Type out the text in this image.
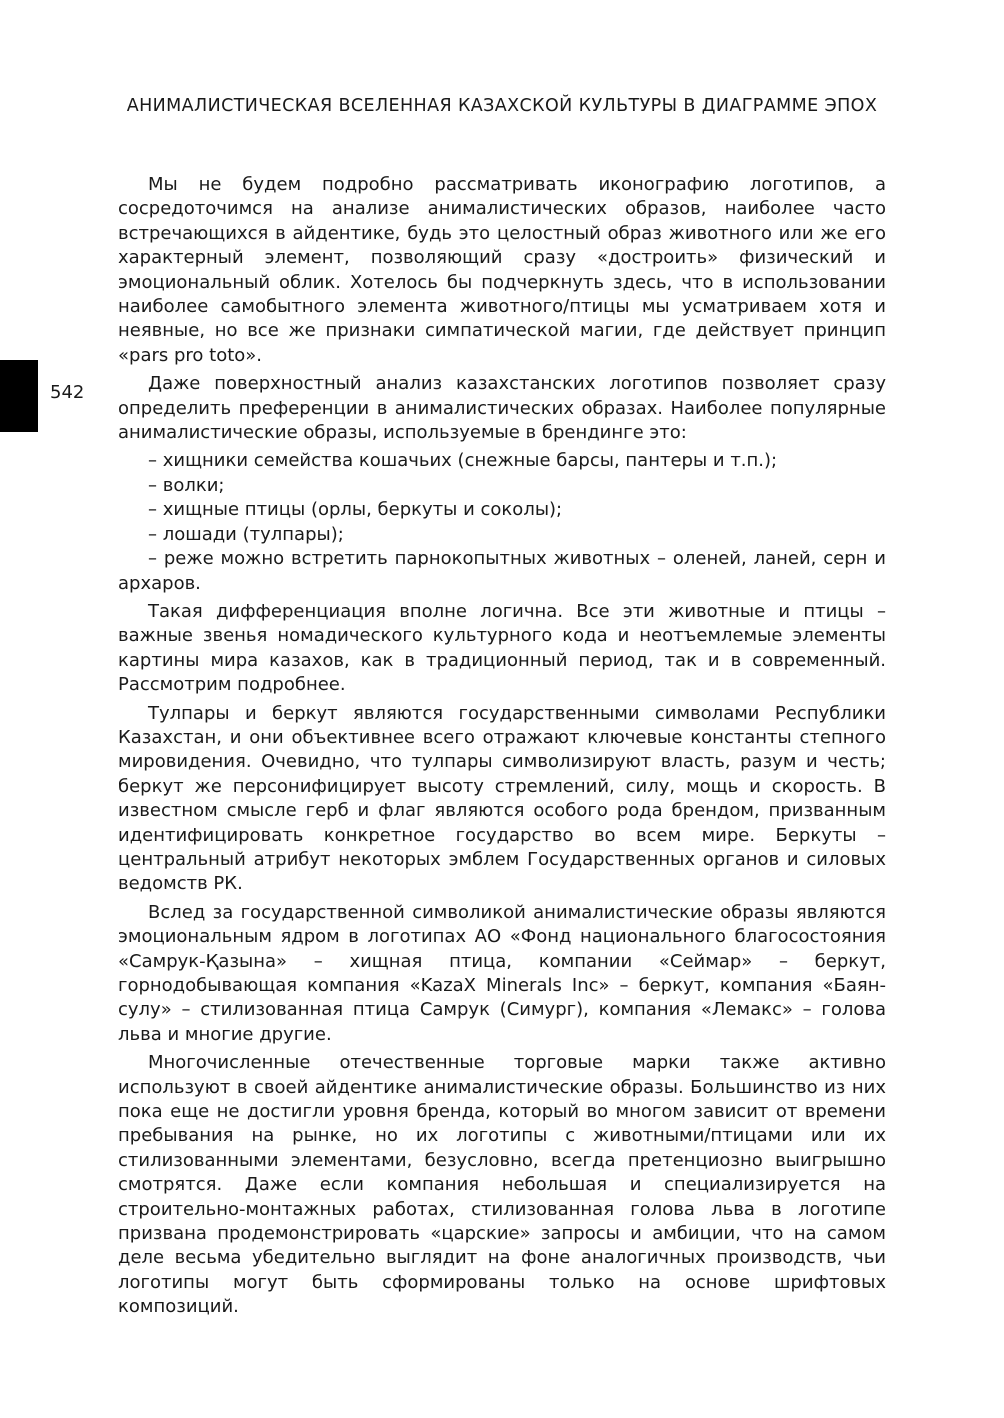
АНИМАЛИСТИЧЕСКАЯ ВСЕЛЕННАЯ КАЗАХСКОЙ КУЛЬТУРЫ В ДИАГРАММЕ ЭПОХ
542

Мы не будем подробно рассматривать иконографию логотипов, а сосредоточимся на анализе анималистических образов, наиболее часто встречающихся в айдентике, будь это целостный образ животного или же его характерный элемент, позволяющий сразу «достроить» физический и эмоциональный облик. Хотелось бы подчеркнуть здесь, что в использовании наиболее самобытного элемента животного/птицы мы усматриваем хотя и неявные, но все же признаки симпатической магии, где действует принцип «pars pro toto».

Даже поверхностный анализ казахстанских логотипов позволяет сразу определить преференции в анималистических образах. Наиболее популярные анималистические образы, используемые в брендинге это:

– хищники семейства кошачьих (снежные барсы, пантеры и т.п.);
– волки;
– хищные птицы (орлы, беркуты и соколы);
– лошади (тулпары);
– реже можно встретить парнокопытных животных – оленей, ланей, серн и архаров.

Такая дифференциация вполне логична. Все эти животные и птицы – важные звенья номадического культурного кода и неотъемлемые элементы картины мира казахов, как в традиционный период, так и в современный. Рассмотрим подробнее.

Тулпары и беркут являются государственными символами Республики Казахстан, и они объективнее всего отражают ключевые константы степного мировидения. Очевидно, что тулпары символизируют власть, разум и честь; беркут же персонифицирует высоту стремлений, силу, мощь и скорость. В известном смысле герб и флаг являются особого рода брендом, призванным идентифицировать конкретное государство во всем мире. Беркуты – центральный атрибут некоторых эмблем Государственных органов и силовых ведомств РК.

Вслед за государственной символикой анималистические образы являются эмоциональным ядром в логотипах АО «Фонд национального благосостояния «Самрук-Қазына» – хищная птица, компании «Сеймар» – беркут, горнодобывающая компания «KazaX Minerals Inc» – беркут, компания «Баян-сулу» – стилизованная птица Самрук (Симург), компания «Лемакс» – голова льва и многие другие.

Многочисленные отечественные торговые марки также активно используют в своей айдентике анималистические образы. Большинство из них пока еще не достигли уровня бренда, который во многом зависит от времени пребывания на рынке, но их логотипы с животными/птицами или их стилизованными элементами, безусловно, всегда претенциозно выигрышно смотрятся. Даже если компания небольшая и специализируется на строительно-монтажных работах, стилизованная голова льва в логотипе призвана продемонстрировать «царские» запросы и амбиции, что на самом деле весьма убедительно выглядит на фоне аналогичных производств, чьи логотипы могут быть сформированы только на основе шрифтовых композиций.
